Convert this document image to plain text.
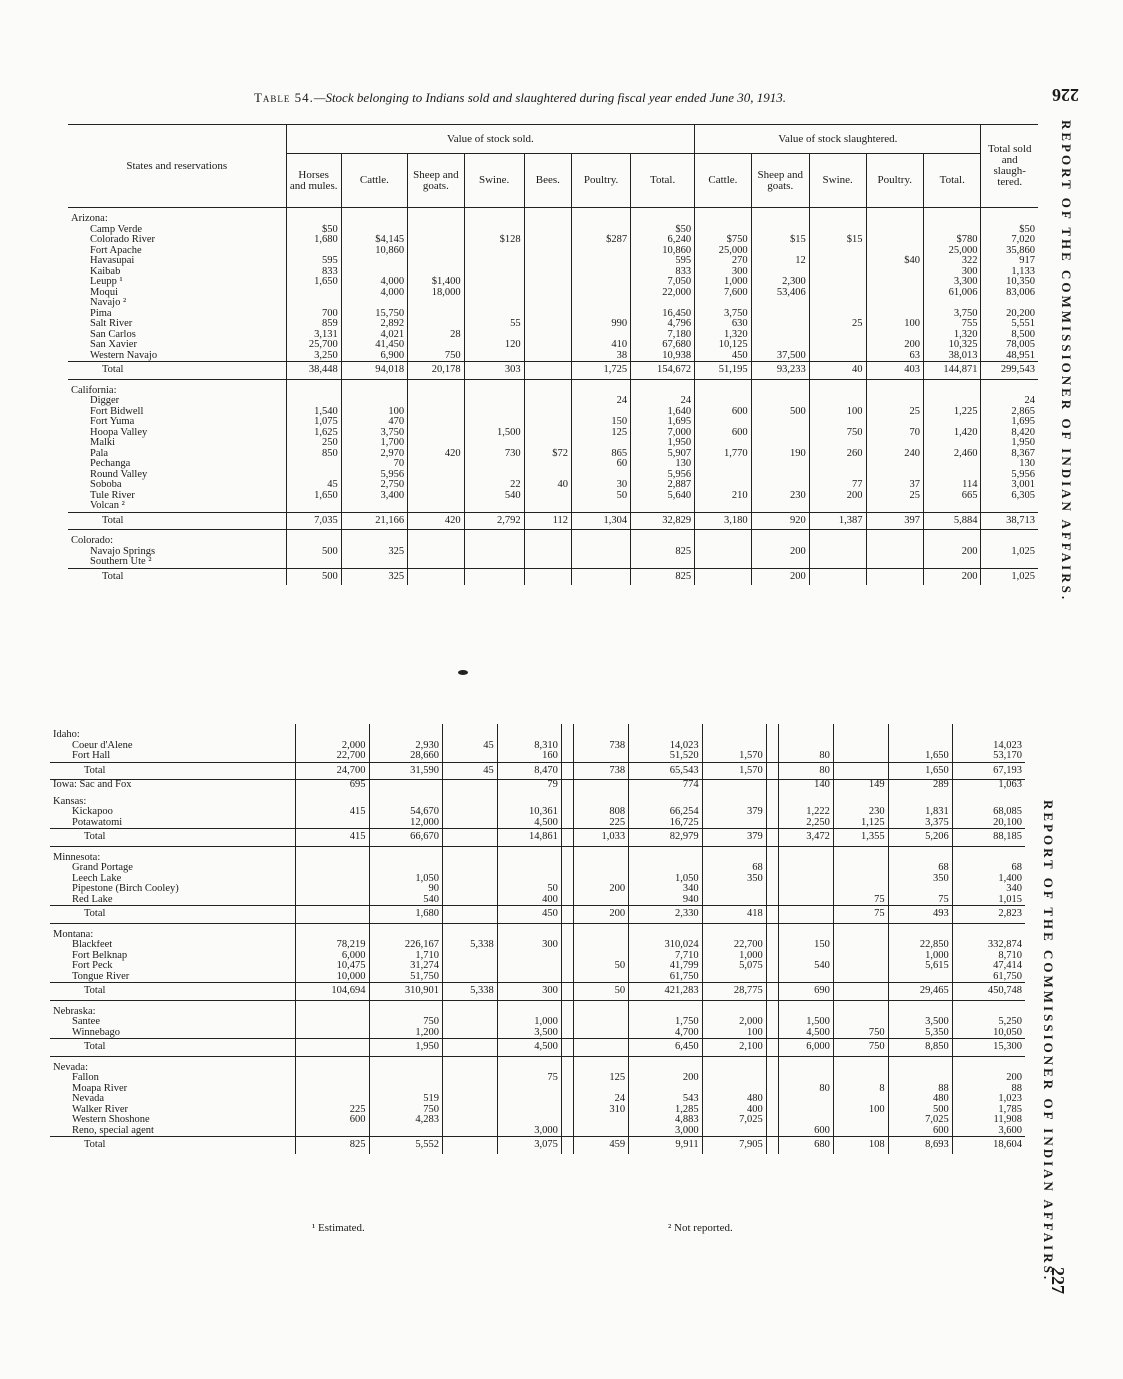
Table 54.—Stock belonging to Indians sold and slaughtered during fiscal year ended June 30, 1913.	226
REPORT OF THE COMMISSIONER OF INDIAN AFFAIRS.
REPORT OF THE COMMISSIONER OF INDIAN AFFAIRS.
227
States and reservations	Value of stock sold.							Value of stock slaughtered.					Total sold and slaugh-tered.
	Horses and mules.	Cattle.	Sheep and goats.	Swine.	Bees.	Poultry.	Total.	Cattle.	Sheep and goats.	Swine.	Poultry.	Total.	
Arizona:													
Camp Verde	$50						$50						$50
Colorado River	1,680	$4,145		$128		$287	6,240	$750	$15	$15		$780	7,020
Fort Apache		10,860					10,860	25,000				25,000	35,860
Havasupai	595						595	270	12		$40	322	917
Kaibab	833						833	300				300	1,133
Leupp ¹	1,650	4,000	$1,400				7,050	1,000	2,300			3,300	10,350
Moqui		4,000	18,000				22,000	7,600	53,406			61,006	83,006
Navajo ²													
Pima	700	15,750					16,450	3,750				3,750	20,200
Salt River	859	2,892		55		990	4,796	630		25	100	755	5,551
San Carlos	3,131	4,021	28				7,180	1,320				1,320	8,500
San Xavier	25,700	41,450		120		410	67,680	10,125			200	10,325	78,005
Western Navajo	3,250	6,900	750			38	10,938	450	37,500		63	38,013	48,951
Total	38,448	94,018	20,178	303		1,725	154,672	51,195	93,233	40	403	144,871	299,543
California:													
Digger						24	24						24
Fort Bidwell	1,540	100					1,640	600	500	100	25	1,225	2,865
Fort Yuma	1,075	470				150	1,695						1,695
Hoopa Valley	1,625	3,750		1,500		125	7,000	600		750	70	1,420	8,420
Malki	250	1,700					1,950						1,950
Pala	850	2,970	420	730	$72	865	5,907	1,770	190	260	240	2,460	8,367
Pechanga		70				60	130						130
Round Valley		5,956					5,956						5,956
Soboba	45	2,750		22	40	30	2,887			77	37	114	3,001
Tule River	1,650	3,400		540		50	5,640	210	230	200	25	665	6,305
Volcan ²													
Total	7,035	21,166	420	2,792	112	1,304	32,829	3,180	920	1,387	397	5,884	38,713
Colorado:													
Navajo Springs	500	325					825		200			200	1,025
Southern Ute ²													
Total	500	325					825		200			200	1,025
Idaho:													
Coeur d'Alene	2,000	2,930	45	8,310		738	14,023						14,023
Fort Hall	22,700	28,660		160			51,520	1,570		80		1,650	53,170
Total	24,700	31,590	45	8,470		738	65,543	1,570		80		1,650	67,193
Iowa: Sac and Fox	695			79			774			140	149	289	1,063
Kansas:													
Kickapoo	415	54,670		10,361		808	66,254	379		1,222	230	1,831	68,085
Potawatomi		12,000		4,500		225	16,725			2,250	1,125	3,375	20,100
Total	415	66,670		14,861		1,033	82,979	379		3,472	1,355	5,206	88,185
Minnesota:													
Grand Portage								68				68	68
Leech Lake		1,050					1,050	350				350	1,400
Pipestone (Birch Cooley)		90		50		200	340						340
Red Lake		540		400			940				75	75	1,015
Total		1,680		450		200	2,330	418			75	493	2,823
Montana:													
Blackfeet	78,219	226,167	5,338	300			310,024	22,700		150		22,850	332,874
Fort Belknap	6,000	1,710					7,710	1,000				1,000	8,710
Fort Peck	10,475	31,274				50	41,799	5,075		540		5,615	47,414
Tongue River	10,000	51,750					61,750						61,750
Total	104,694	310,901	5,338	300		50	421,283	28,775		690		29,465	450,748
Nebraska:													
Santee		750		1,000			1,750	2,000		1,500		3,500	5,250
Winnebago		1,200		3,500			4,700	100		4,500	750	5,350	10,050
Total		1,950		4,500			6,450	2,100		6,000	750	8,850	15,300
Nevada:													
Fallon				75		125	200						200
Moapa River										80	8	88	88
Nevada		519				24	543	480				480	1,023
Walker River	225	750				310	1,285	400			100	500	1,785
Western Shoshone	600	4,283					4,883	7,025				7,025	11,908
Reno, special agent				3,000			3,000			600		600	3,600
Total	825	5,552		3,075		459	9,911	7,905		680	108	8,693	18,604
¹ Estimated.	² Not reported.
